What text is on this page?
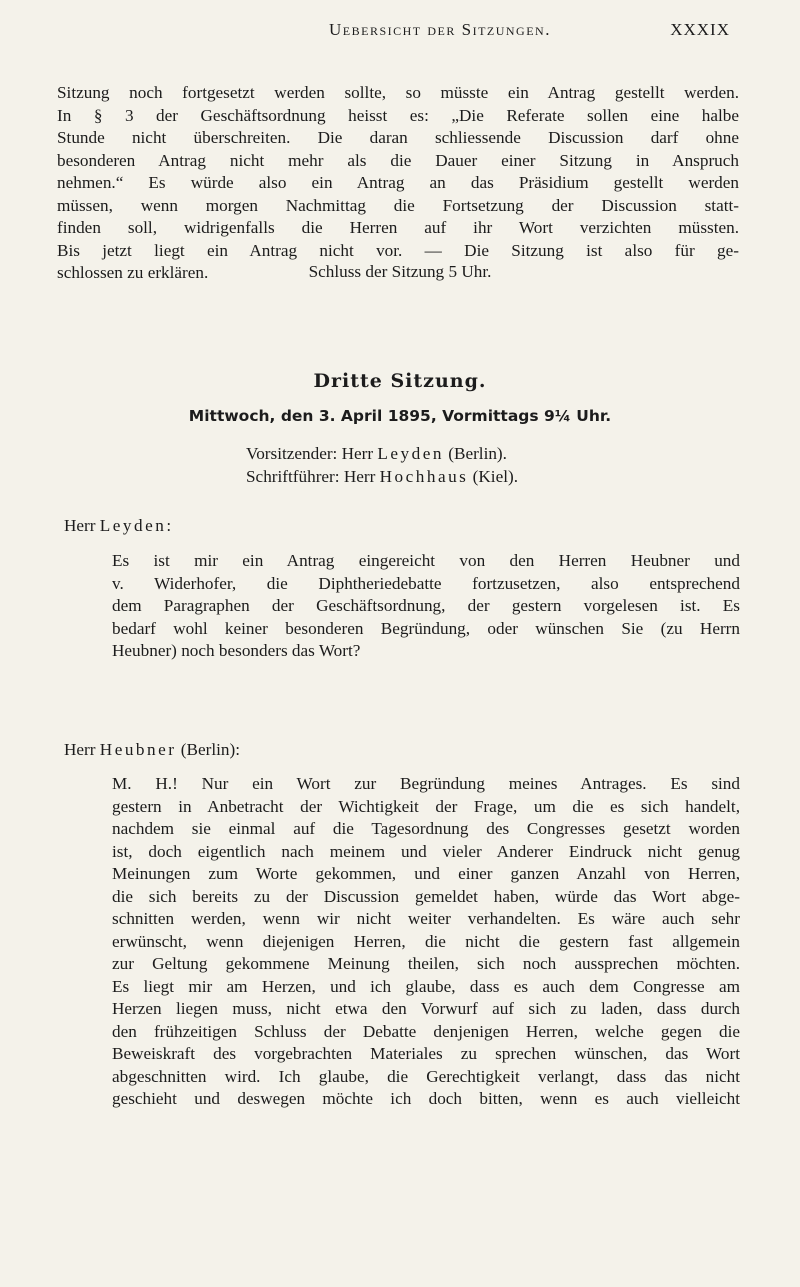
Uebersicht der Sitzungen.	XXXIX
Sitzung noch fortgesetzt werden sollte, so müsste ein Antrag gestellt werden.
In § 3 der Geschäftsordnung heisst es: „Die Referate sollen eine halbe
Stunde nicht überschreiten. Die daran schliessende Discussion darf ohne
besonderen Antrag nicht mehr als die Dauer einer Sitzung in Anspruch
nehmen.“ Es würde also ein Antrag an das Präsidium gestellt werden
müssen, wenn morgen Nachmittag die Fortsetzung der Discussion statt-
finden soll, widrigenfalls die Herren auf ihr Wort verzichten müssten.
Bis jetzt liegt ein Antrag nicht vor. — Die Sitzung ist also für ge-
schlossen zu erklären.	Schluss der Sitzung 5 Uhr.
Dritte Sitzung.
Mittwoch, den 3. April 1895, Vormittags 9¼ Uhr.
Vorsitzender: Herr Leyden (Berlin).
Schriftführer: Herr Hochhaus (Kiel).
Herr Leyden:
Es ist mir ein Antrag eingereicht von den Herren Heubner und
v. Widerhofer, die Diphtheriedebatte fortzusetzen, also entsprechend
dem Paragraphen der Geschäftsordnung, der gestern vorgelesen ist. Es
bedarf wohl keiner besonderen Begründung, oder wünschen Sie (zu Herrn
Heubner) noch besonders das Wort?
Herr Heubner (Berlin):
M. H.! Nur ein Wort zur Begründung meines Antrages. Es sind
gestern in Anbetracht der Wichtigkeit der Frage, um die es sich handelt,
nachdem sie einmal auf die Tagesordnung des Congresses gesetzt worden
ist, doch eigentlich nach meinem und vieler Anderer Eindruck nicht genug
Meinungen zum Worte gekommen, und einer ganzen Anzahl von Herren,
die sich bereits zu der Discussion gemeldet haben, würde das Wort abge-
schnitten werden, wenn wir nicht weiter verhandelten. Es wäre auch sehr
erwünscht, wenn diejenigen Herren, die nicht die gestern fast allgemein
zur Geltung gekommene Meinung theilen, sich noch aussprechen möchten.
Es liegt mir am Herzen, und ich glaube, dass es auch dem Congresse am
Herzen liegen muss, nicht etwa den Vorwurf auf sich zu laden, dass durch
den frühzeitigen Schluss der Debatte denjenigen Herren, welche gegen die
Beweiskraft des vorgebrachten Materiales zu sprechen wünschen, das Wort
abgeschnitten wird. Ich glaube, die Gerechtigkeit verlangt, dass das nicht
geschieht und deswegen möchte ich doch bitten, wenn es auch vielleicht
